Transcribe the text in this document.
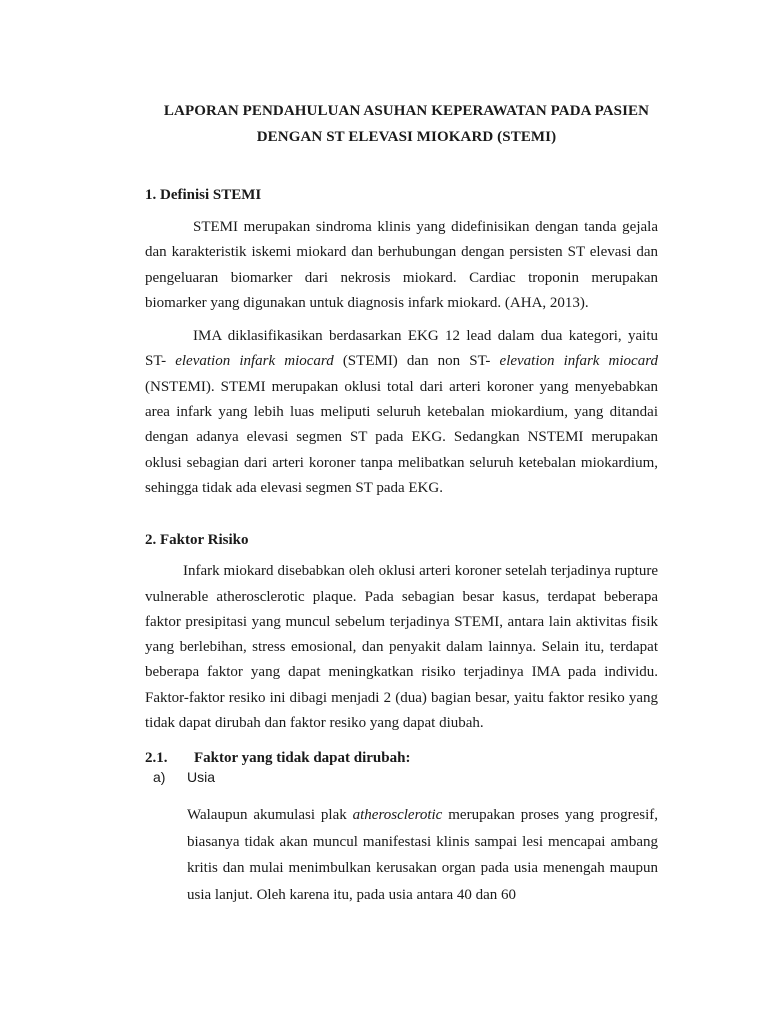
LAPORAN PENDAHULUAN ASUHAN KEPERAWATAN PADA PASIEN
DENGAN ST ELEVASI MIOKARD (STEMI)
1. Definisi STEMI

STEMI merupakan sindroma klinis yang didefinisikan dengan tanda gejala dan karakteristik iskemi miokard dan berhubungan dengan persisten ST elevasi dan pengeluaran biomarker dari nekrosis miokard. Cardiac troponin merupakan biomarker yang digunakan untuk diagnosis infark miokard. (AHA, 2013).

IMA diklasifikasikan berdasarkan EKG 12 lead dalam dua kategori, yaitu ST- elevation infark miocard (STEMI) dan non ST- elevation infark miocard (NSTEMI). STEMI merupakan oklusi total dari arteri koroner yang menyebabkan area infark yang lebih luas meliputi seluruh ketebalan miokardium, yang ditandai dengan adanya elevasi segmen ST pada EKG. Sedangkan NSTEMI merupakan oklusi sebagian dari arteri koroner tanpa melibatkan seluruh ketebalan miokardium, sehingga tidak ada elevasi segmen ST pada EKG.

2. Faktor Risiko

Infark miokard disebabkan oleh oklusi arteri koroner setelah terjadinya rupture vulnerable atherosclerotic plaque. Pada sebagian besar kasus, terdapat beberapa faktor presipitasi yang muncul sebelum terjadinya STEMI, antara lain aktivitas fisik yang berlebihan, stress emosional, dan penyakit dalam lainnya. Selain itu, terdapat beberapa faktor yang dapat meningkatkan risiko terjadinya IMA pada individu. Faktor-faktor resiko ini dibagi menjadi 2 (dua) bagian besar, yaitu faktor resiko yang tidak dapat dirubah dan faktor resiko yang dapat diubah.

2.1.	Faktor yang tidak dapat dirubah:
a)	Usia

Walaupun akumulasi plak atherosclerotic merupakan proses yang progresif, biasanya tidak akan muncul manifestasi klinis sampai lesi mencapai ambang kritis dan mulai menimbulkan kerusakan organ pada usia menengah maupun usia lanjut. Oleh karena itu, pada usia antara 40 dan 60
